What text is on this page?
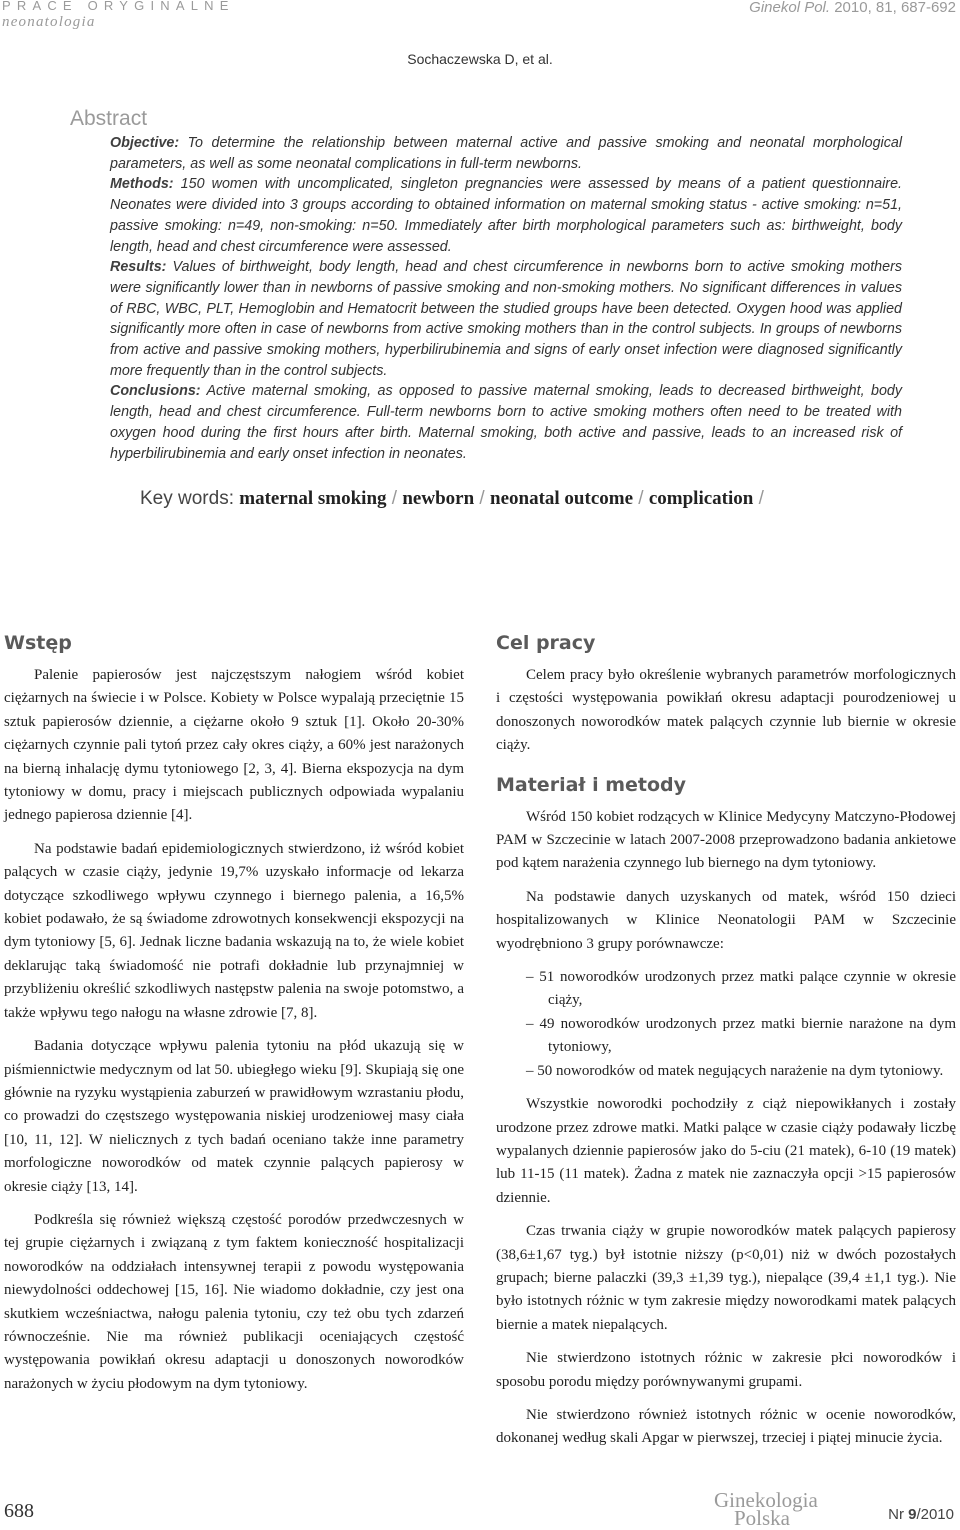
PRACE ORYGINALNE
neonatologia
Ginekol Pol. 2010, 81, 687-692
Sochaczewska D, et al.
Abstract

Objective: To determine the relationship between maternal active and passive smoking and neonatal morphological parameters, as well as some neonatal complications in full-term newborns.

Methods: 150 women with uncomplicated, singleton pregnancies were assessed by means of a patient questionnaire. Neonates were divided into 3 groups according to obtained information on maternal smoking status - active smoking: n=51, passive smoking: n=49, non-smoking: n=50. Immediately after birth morphological parameters such as: birthweight, body length, head and chest circumference were assessed.

Results: Values of birthweight, body length, head and chest circumference in newborns born to active smoking mothers were significantly lower than in newborns of passive smoking and non-smoking mothers. No significant differences in values of RBC, WBC, PLT, Hemoglobin and Hematocrit between the studied groups have been detected. Oxygen hood was applied significantly more often in case of newborns from active smoking mothers than in the control subjects. In groups of newborns from active and passive smoking mothers, hyperbilirubinemia and signs of early onset infection were diagnosed significantly more frequently than in the control subjects.

Conclusions: Active maternal smoking, as opposed to passive maternal smoking, leads to decreased birthweight, body length, head and chest circumference. Full-term newborns born to active smoking mothers often need to be treated with oxygen hood during the first hours after birth. Maternal smoking, both active and passive, leads to an increased risk of hyperbilirubinemia and early onset infection in neonates.

Key words: maternal smoking / newborn / neonatal outcome / complication /
Wstęp

Palenie papierosów jest najczęstszym nałogiem wśród kobiet ciężarnych na świecie i w Polsce. Kobiety w Polsce wypalają przeciętnie 15 sztuk papierosów dziennie, a ciężarne około 9 sztuk [1]. Około 20-30% ciężarnych czynnie pali tytoń przez cały okres ciąży, a 60% jest narażonych na bierną inhalację dymu tytoniowego [2, 3, 4]. Bierna ekspozycja na dym tytoniowy w domu, pracy i miejscach publicznych odpowiada wypalaniu jednego papierosa dziennie [4].

Na podstawie badań epidemiologicznych stwierdzono, iż wśród kobiet palących w czasie ciąży, jedynie 19,7% uzyskało informacje od lekarza dotyczące szkodliwego wpływu czynnego i biernego palenia, a 16,5% kobiet podawało, że są świadome zdrowotnych konsekwencji ekspozycji na dym tytoniowy [5, 6]. Jednak liczne badania wskazują na to, że wiele kobiet deklarując taką świadomość nie potrafi dokładnie lub przynajmniej w przybliżeniu określić szkodliwych następstw palenia na swoje potomstwo, a także wpływu tego nałogu na własne zdrowie [7, 8].

Badania dotyczące wpływu palenia tytoniu na płód ukazują się w piśmiennictwie medycznym od lat 50. ubiegłego wieku [9]. Skupiają się one głównie na ryzyku wystąpienia zaburzeń w prawidłowym wzrastaniu płodu, co prowadzi do częstszego występowania niskiej urodzeniowej masy ciała [10, 11, 12]. W nielicznych z tych badań oceniano także inne parametry morfologiczne noworodków od matek czynnie palących papierosy w okresie ciąży [13, 14].

Podkreśla się również większą częstość porodów przedwczesnych w tej grupie ciężarnych i związaną z tym faktem konieczność hospitalizacji noworodków na oddziałach intensywnej terapii z powodu występowania niewydolności oddechowej [15, 16]. Nie wiadomo dokładnie, czy jest ona skutkiem wcześniactwa, nałogu palenia tytoniu, czy też obu tych zdarzeń równocześnie. Nie ma również publikacji oceniających częstość występowania powikłań okresu adaptacji u donoszonych noworodków narażonych w życiu płodowym na dym tytoniowy.

Cel pracy

Celem pracy było określenie wybranych parametrów morfologicznych i częstości występowania powikłań okresu adaptacji pourodzeniowej u donoszonych noworodków matek palących czynnie lub biernie w okresie ciąży.

Materiał i metody

Wśród 150 kobiet rodzących w Klinice Medycyny Matczyno-Płodowej PAM w Szczecinie w latach 2007-2008 przeprowadzono badania ankietowe pod kątem narażenia czynnego lub biernego na dym tytoniowy.

Na podstawie danych uzyskanych od matek, wśród 150 dzieci hospitalizowanych w Klinice Neonatologii PAM w Szczecinie wyodrębniono 3 grupy porównawcze:

– 51 noworodków urodzonych przez matki palące czynnie w okresie ciąży,
– 49 noworodków urodzonych przez matki biernie narażone na dym tytoniowy,
– 50 noworodków od matek negujących narażenie na dym tytoniowy.

Wszystkie noworodki pochodziły z ciąż niepowikłanych i zostały urodzone przez zdrowe matki. Matki palące w czasie ciąży podawały liczbę wypalanych dziennie papierosów jako do 5-ciu (21 matek), 6-10 (19 matek) lub 11-15 (11 matek). Żadna z matek nie zaznaczyła opcji >15 papierosów dziennie.

Czas trwania ciąży w grupie noworodków matek palących papierosy (38,6±1,67 tyg.) był istotnie niższy (p<0,01) niż w dwóch pozostałych grupach; bierne palaczki (39,3 ±1,39 tyg.), niepalące (39,4 ±1,1 tyg.). Nie było istotnych różnic w tym zakresie między noworodkami matek palących biernie a matek niepalących.

Nie stwierdzono istotnych różnic w zakresie płci noworodków i sposobu porodu między porównywanymi grupami.

Nie stwierdzono również istotnych różnic w ocenie noworodków, dokonanej według skali Apgar w pierwszej, trzeciej i piątej minucie życia.

688	Ginekologia
Polska	Nr 9/2010
